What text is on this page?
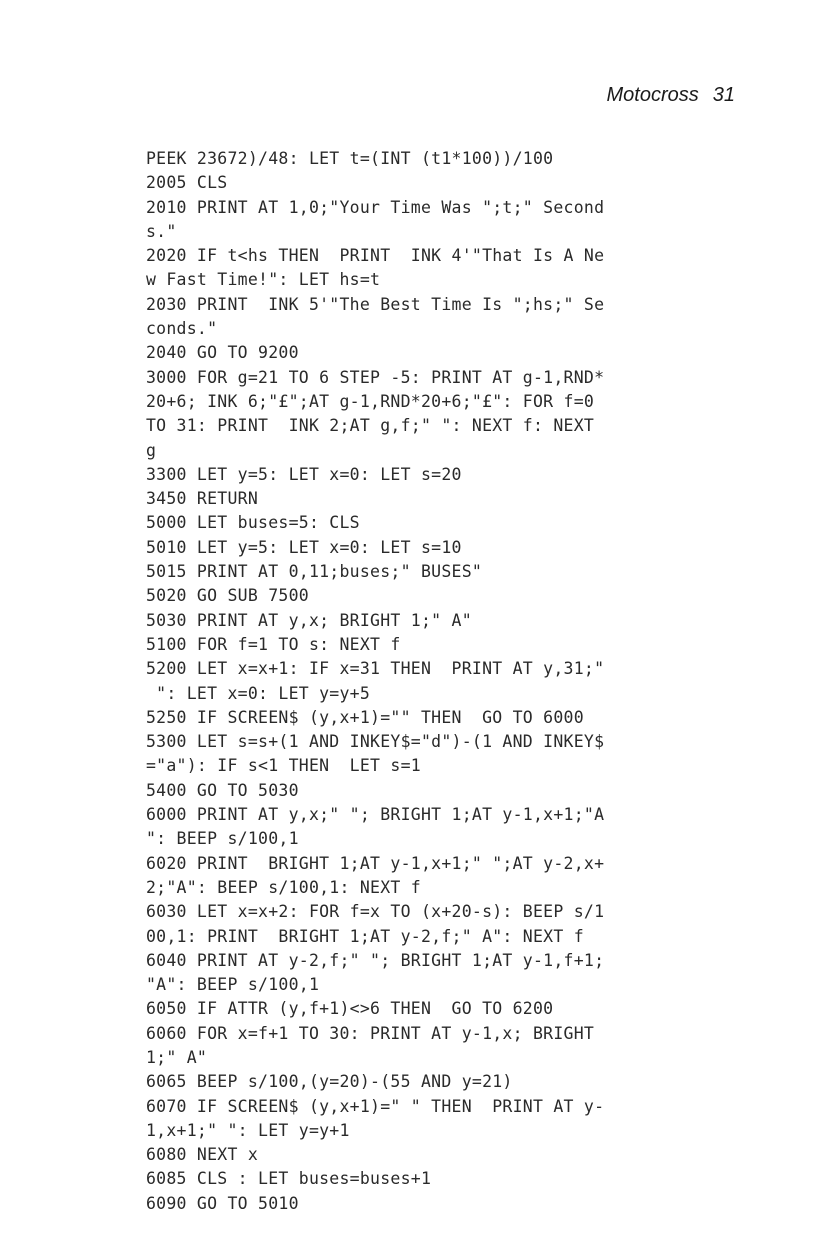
Motocross 31
PEEK 23672)/48: LET t=(INT (t1*100))/100
2005 CLS
2010 PRINT AT 1,0;"Your Time Was ";t;" Second
s."
2020 IF t<hs THEN  PRINT  INK 4'"That Is A Ne
w Fast Time!": LET hs=t
2030 PRINT  INK 5'"The Best Time Is ";hs;" Se
conds."
2040 GO TO 9200
3000 FOR g=21 TO 6 STEP -5: PRINT AT g-1,RND*
20+6; INK 6;"£";AT g-1,RND*20+6;"£": FOR f=0
TO 31: PRINT  INK 2;AT g,f;" ": NEXT f: NEXT
g
3300 LET y=5: LET x=0: LET s=20
3450 RETURN
5000 LET buses=5: CLS
5010 LET y=5: LET x=0: LET s=10
5015 PRINT AT 0,11;buses;" BUSES"
5020 GO SUB 7500
5030 PRINT AT y,x; BRIGHT 1;" A"
5100 FOR f=1 TO s: NEXT f
5200 LET x=x+1: IF x=31 THEN  PRINT AT y,31;"
": LET x=0: LET y=y+5
5250 IF SCREEN$ (y,x+1)="" THEN  GO TO 6000
5300 LET s=s+(1 AND INKEY$="d")-(1 AND INKEY$
="a"): IF s<1 THEN  LET s=1
5400 GO TO 5030
6000 PRINT AT y,x;" "; BRIGHT 1;AT y-1,x+1;"A
": BEEP s/100,1
6020 PRINT  BRIGHT 1;AT y-1,x+1;" ";AT y-2,x+
2;"A": BEEP s/100,1: NEXT f
6030 LET x=x+2: FOR f=x TO (x+20-s): BEEP s/1
00,1: PRINT  BRIGHT 1;AT y-2,f;" A": NEXT f
6040 PRINT AT y-2,f;" "; BRIGHT 1;AT y-1,f+1;
"A": BEEP s/100,1
6050 IF ATTR (y,f+1)<>6 THEN  GO TO 6200
6060 FOR x=f+1 TO 30: PRINT AT y-1,x; BRIGHT
1;" A"
6065 BEEP s/100,(y=20)-(55 AND y=21)
6070 IF SCREEN$ (y,x+1)=" " THEN  PRINT AT y-
1,x+1;" ": LET y=y+1
6080 NEXT x
6085 CLS : LET buses=buses+1
6090 GO TO 5010
